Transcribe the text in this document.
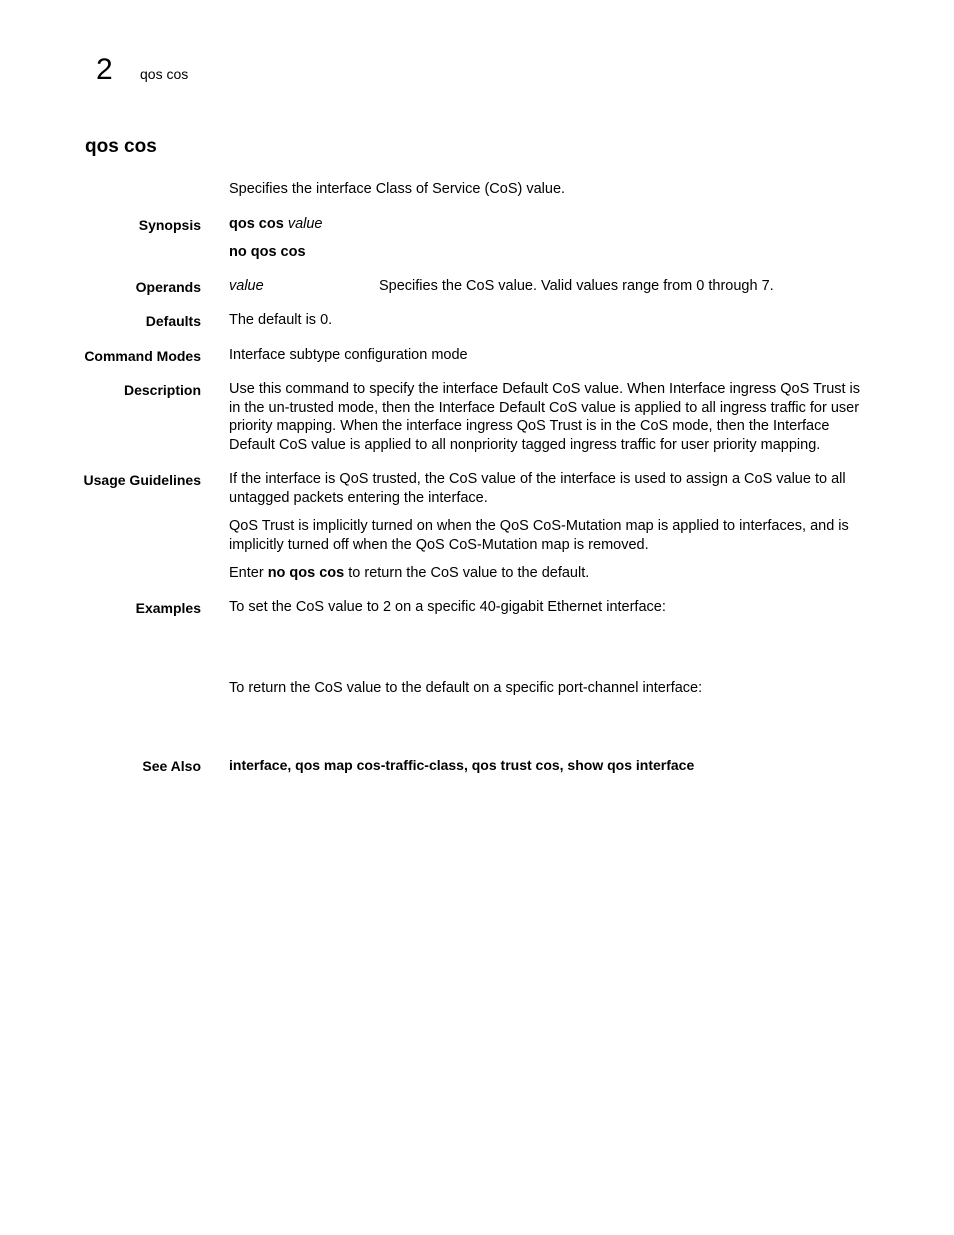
2 qos cos
qos cos

Specifies the interface Class of Service (CoS) value.

Synopsis qos cos value

no qos cos

Operands value	Specifies the CoS value. Valid values range from 0 through 7.
Defaults The default is 0.

Command Modes Interface subtype configuration mode

Description Use this command to specify the interface Default CoS value. When Interface ingress QoS Trust is in the un-trusted mode, then the Interface Default CoS value is applied to all ingress traffic for user priority mapping. When the interface ingress QoS Trust is in the CoS mode, then the Interface Default CoS value is applied to all nonpriority tagged ingress traffic for user priority mapping.

Usage Guidelines If the interface is QoS trusted, the CoS value of the interface is used to assign a CoS value to all untagged packets entering the interface.

QoS Trust is implicitly turned on when the QoS CoS-Mutation map is applied to interfaces, and is implicitly turned off when the QoS CoS-Mutation map is removed.

Enter no qos cos to return the CoS value to the default.

Examples To set the CoS value to 2 on a specific 40-gigabit Ethernet interface:

To return the CoS value to the default on a specific port-channel interface:

See Also interface, qos map cos-traffic-class, qos trust cos, show qos interface
